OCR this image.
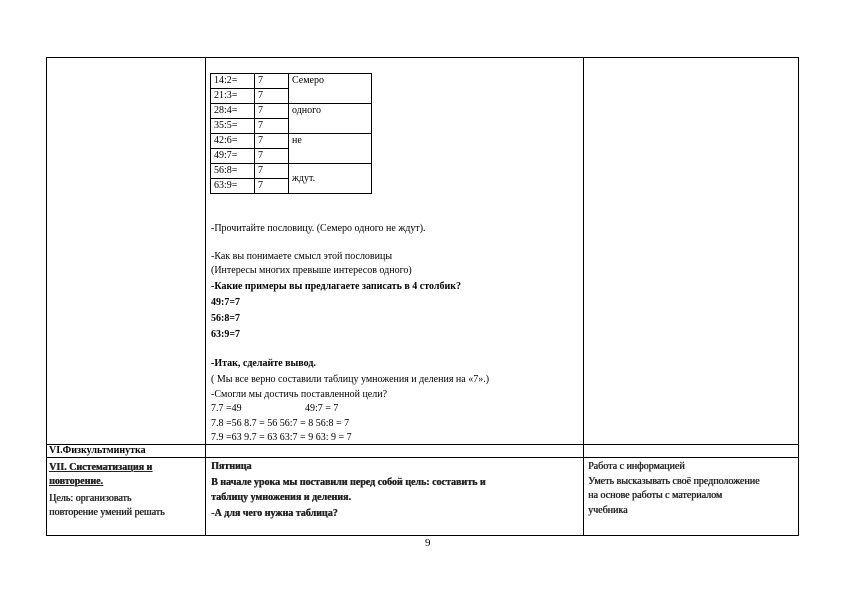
14:2=	7	Семеро
21:3=	7	
28:4=	7	одного
35:5=	7	
42:6=	7	не
49:7=	7	
56:8=	7	ждут.
63:9=	7	
-Прочитайте пословицу. (Семеро одного не ждут).
-Как вы понимаете смысл этой пословицы
(Интересы многих превыше интересов одного)
-Какие примеры вы предлагаете записать в 4 столбик?
49:7=7
56:8=7
63:9=7
-Итак, сделайте вывод.
( Мы все верно составили таблицу умножения и деления на «7».)
-Смогли мы достичь поставленной цели?
7.7 =49	49:7 = 7
7.8 =56 8.7 = 56 56:7 = 8 56:8 = 7
7.9 =63 9.7 = 63 63:7 = 9 63: 9 = 7
VI.Физкультминутка
VII. Систематизация и
повторение.
Цель: организовать
повторение умений решать
Пятница
В начале урока мы поставили перед собой цель: составить и
таблицу умножения и деления.
-А для чего нужна таблица?
Работа с информацией
Уметь высказывать своё предположение
на основе работы с материалом
учебника
9
